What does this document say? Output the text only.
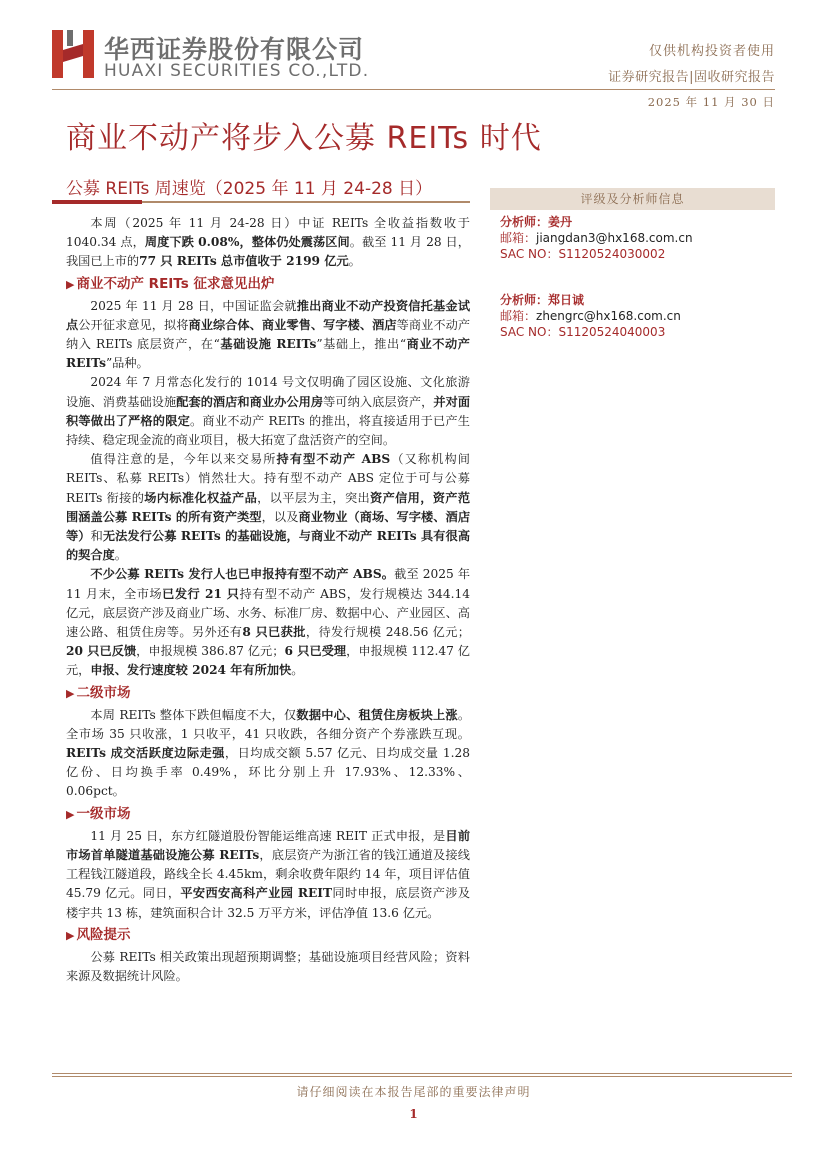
华西证券股份有限公司
HUAXI SECURITIES CO.,LTD.
仅供机构投资者使用
证券研究报告|固收研究报告
2025 年 11 月 30 日
商业不动产将步入公募 REITs 时代
公募 REITs 周速览（2025 年 11 月 24-28 日）	评级及分析师信息
分析师：姜丹
邮箱：jiangdan3@hx168.com.cn
SAC NO：S1120524030002
分析师：郑日诚
邮箱：zhengrc@hx168.com.cn
SAC NO：S1120524040003

本周（2025 年 11 月 24-28 日）中证 REITs 全收益指数收于 1040.34 点，周度下跌 0.08%，整体仍处震荡区间。截至 11 月 28 日，我国已上市的77 只 REITs 总市值收于 2199 亿元。

▶ 商业不动产 REITs 征求意见出炉

2025 年 11 月 28 日，中国证监会就推出商业不动产投资信托基金试点公开征求意见，拟将商业综合体、商业零售、写字楼、酒店等商业不动产纳入 REITs 底层资产，在“基础设施 REITs”基础上，推出“商业不动产 REITs”品种。

2024 年 7 月常态化发行的 1014 号文仅明确了园区设施、文化旅游设施、消费基础设施配套的酒店和商业办公用房等可纳入底层资产，并对面积等做出了严格的限定。商业不动产 REITs 的推出，将直接适用于已产生持续、稳定现金流的商业项目，极大拓宽了盘活资产的空间。

值得注意的是，今年以来交易所持有型不动产 ABS（又称机构间 REITs、私募 REITs）悄然壮大。持有型不动产 ABS 定位于可与公募 REITs 衔接的场内标准化权益产品，以平层为主，突出资产信用，资产范围涵盖公募 REITs 的所有资产类型，以及商业物业（商场、写字楼、酒店等）和无法发行公募 REITs 的基础设施，与商业不动产 REITs 具有很高的契合度。

不少公募 REITs 发行人也已申报持有型不动产 ABS。截至 2025 年 11 月末，全市场已发行 21 只持有型不动产 ABS，发行规模达 344.14 亿元，底层资产涉及商业广场、水务、标准厂房、数据中心、产业园区、高速公路、租赁住房等。另外还有8 只已获批，待发行规模 248.56 亿元；20 只已反馈，申报规模 386.87 亿元；6 只已受理，申报规模 112.47 亿元，申报、发行速度较 2024 年有所加快。

▶ 二级市场

本周 REITs 整体下跌但幅度不大，仅数据中心、租赁住房板块上涨。全市场 35 只收涨，1 只收平，41 只收跌，各细分资产个券涨跌互现。REITs 成交活跃度边际走强，日均成交额 5.57 亿元、日均成交量 1.28 亿份、日均换手率 0.49%，环比分别上升 17.93%、12.33%、0.06pct。

▶ 一级市场

11 月 25 日，东方红隧道股份智能运维高速 REIT 正式申报，是目前市场首单隧道基础设施公募 REITs，底层资产为浙江省的钱江通道及接线工程钱江隧道段，路线全长 4.45km，剩余收费年限约 14 年，项目评估值 45.79 亿元。同日，平安西安高科产业园 REIT同时申报，底层资产涉及楼宇共 13 栋，建筑面积合计 32.5 万平方米，评估净值 13.6 亿元。

▶ 风险提示

公募 REITs 相关政策出现超预期调整；基础设施项目经营风险；资料来源及数据统计风险。

请仔细阅读在本报告尾部的重要法律声明
1
